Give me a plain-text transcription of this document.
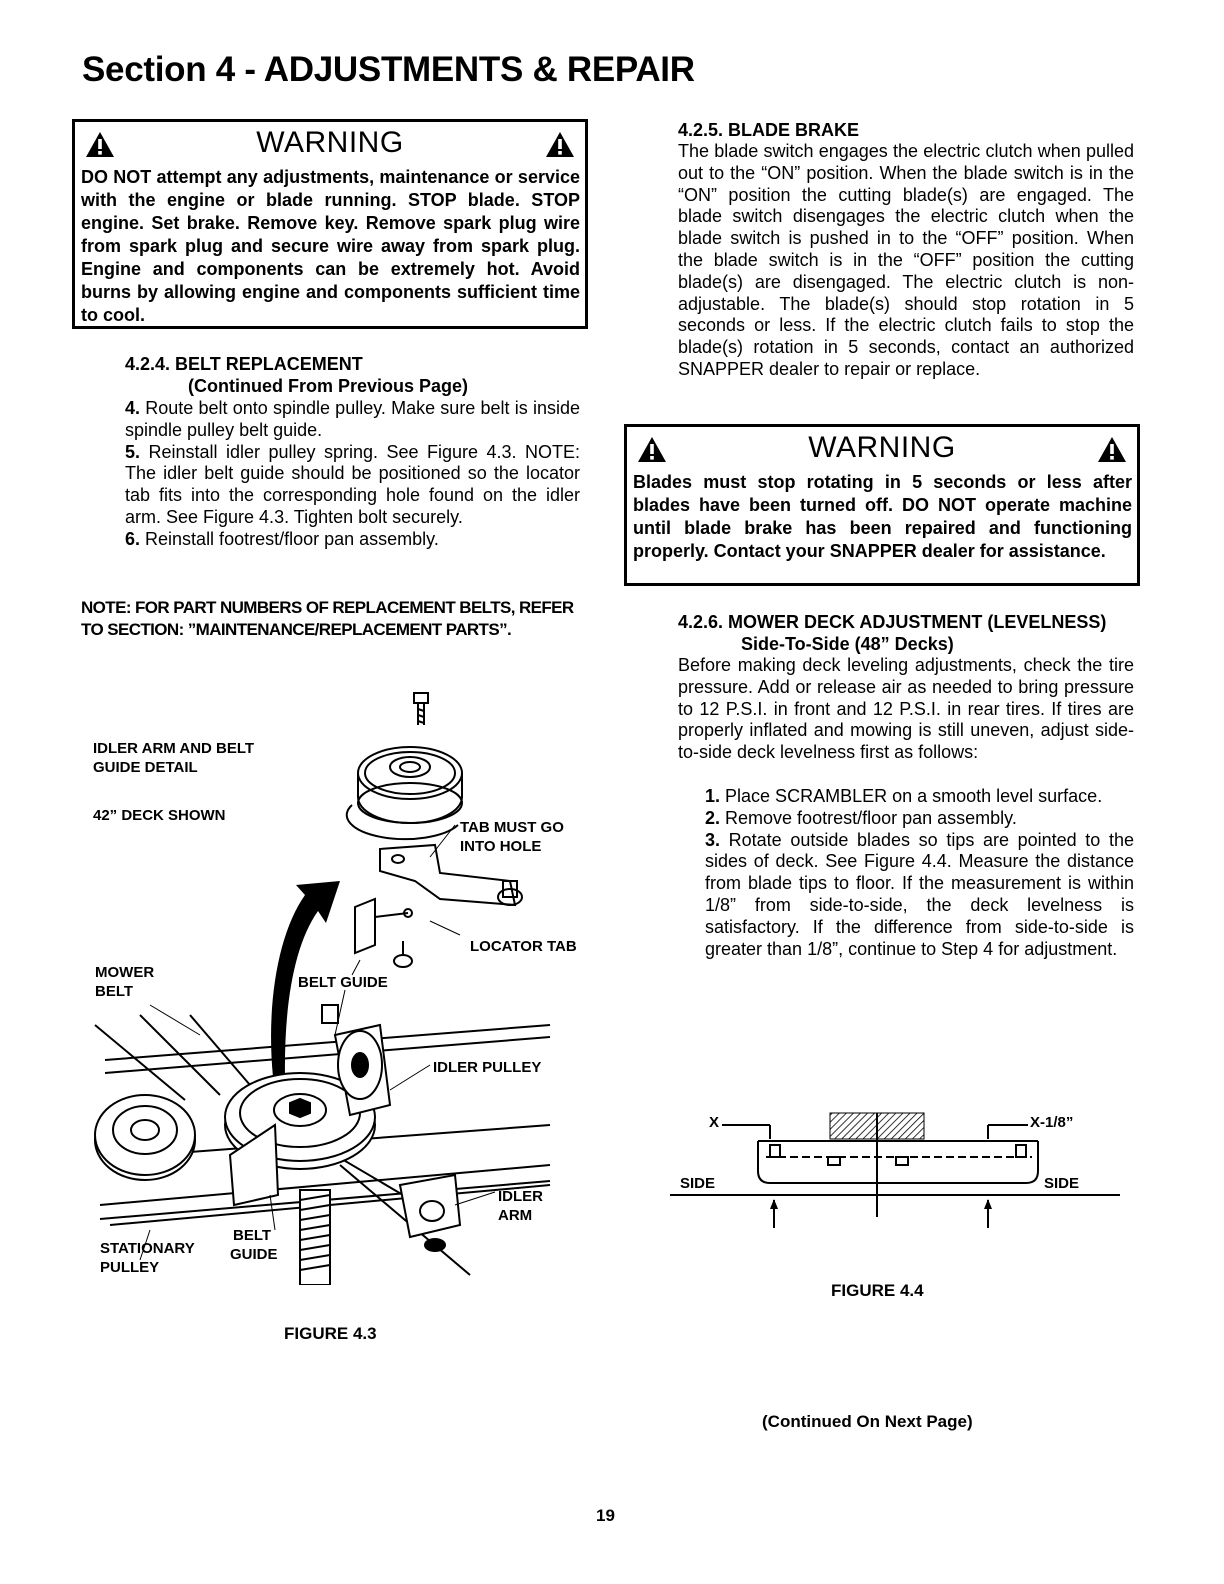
Section 4 - ADJUSTMENTS & REPAIR
WARNING
DO NOT attempt any adjustments, maintenance or service with the engine or blade running. STOP blade. STOP engine. Set brake. Remove key. Remove spark plug wire from spark plug and secure wire away from spark plug. Engine and components can be extremely hot. Avoid burns by allowing engine and components sufficient time to cool.
4.2.4. BELT REPLACEMENT
(Continued From Previous Page)
4. Route belt onto spindle pulley. Make sure belt is inside spindle pulley belt guide.
5. Reinstall idler pulley spring. See Figure 4.3. NOTE: The idler belt guide should be positioned so the locator tab fits into the corresponding hole found on the idler arm. See Figure 4.3. Tighten bolt securely.
6. Reinstall footrest/floor pan assembly.
NOTE: FOR PART NUMBERS OF REPLACEMENT BELTS, REFER TO SECTION: ”MAINTENANCE/REPLACEMENT PARTS”.
IDLER ARM AND BELT
GUIDE DETAIL
42” DECK SHOWN
TAB MUST GO
INTO HOLE
LOCATOR TAB
MOWER
BELT
BELT GUIDE
IDLER PULLEY
IDLER
ARM
BELT
GUIDE
STATIONARY
PULLEY
FIGURE 4.3
4.2.5. BLADE BRAKE
The blade switch engages the electric clutch when pulled out to the “ON” position. When the blade switch is in the “ON” position the cutting blade(s) are engaged. The blade switch disengages the electric clutch when the blade switch is pushed in to the “OFF” position. When the blade switch is in the “OFF” position the cutting blade(s) are disengaged. The electric clutch is non-adjustable. The blade(s) should stop rotation in 5 seconds or less. If the electric clutch fails to stop the blade(s) rotation in 5 seconds, contact an authorized SNAPPER dealer to repair or replace.
WARNING
Blades must stop rotating in 5 seconds or less after blades have been turned off. DO NOT operate machine until blade brake has been repaired and functioning properly. Contact your SNAPPER dealer for assistance.
4.2.6. MOWER DECK ADJUSTMENT (LEVELNESS)
Side-To-Side (48” Decks)
Before making deck leveling adjustments, check the tire pressure. Add or release air as needed to bring pressure to 12 P.S.I. in front and 12 P.S.I. in rear tires. If tires are properly inflated and mowing is still uneven, adjust side-to-side deck levelness first as follows:
1. Place SCRAMBLER on a smooth level surface.
2. Remove footrest/floor pan assembly.
3. Rotate outside blades so tips are pointed to the sides of deck. See Figure 4.4. Measure the distance from blade tips to floor. If the measurement is within 1/8” from side-to-side, the deck levelness is satisfactory. If the difference from side-to-side is greater than 1/8”, continue to Step 4 for adjustment.
X	X-1/8”
SIDE	SIDE
FIGURE 4.4
(Continued On Next Page)
19
